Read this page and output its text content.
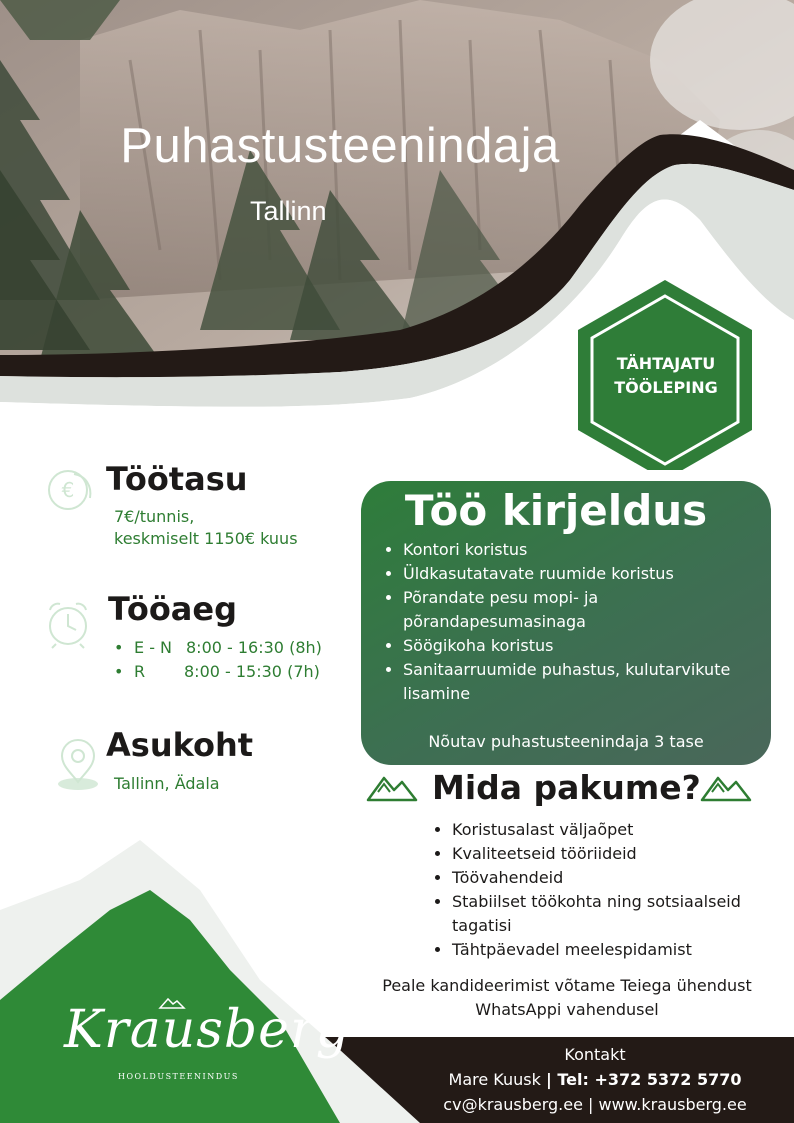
Puhastusteenindaja
Tallinn
TÄHTAJATU
TÖÖLEPING
€ Töötasu
7€/tunnis,
keskmiselt 1150€ kuus
Tööaeg
• E - N 8:00 - 16:30 (8h)
• R 8:00 - 15:30 (7h)
Asukoht
Tallinn, Ädala
Töö kirjeldus
• Kontori koristus
• Üldkasutatavate ruumide koristus
• Põrandate pesu mopi- ja põrandapesumasinaga
• Söögikoha koristus
• Sanitaarruumide puhastus, kulutarvikute lisamine
Nõutav puhastusteenindaja 3 tase
Mida pakume?
• Koristusalast väljaõpet
• Kvaliteetseid tööriideid
• Töövahendeid
• Stabiilset töökohta ning sotsiaalseid tagatisi
• Tähtpäevadel meelespidamist
Peale kandideerimist võtame Teiega ühendust
WhatsAppi vahendusel
Krausberg
HOOLDUSTEENINDUS
Kontakt
Mare Kuusk | Tel: +372 5372 5770
cv@krausberg.ee | www.krausberg.ee
